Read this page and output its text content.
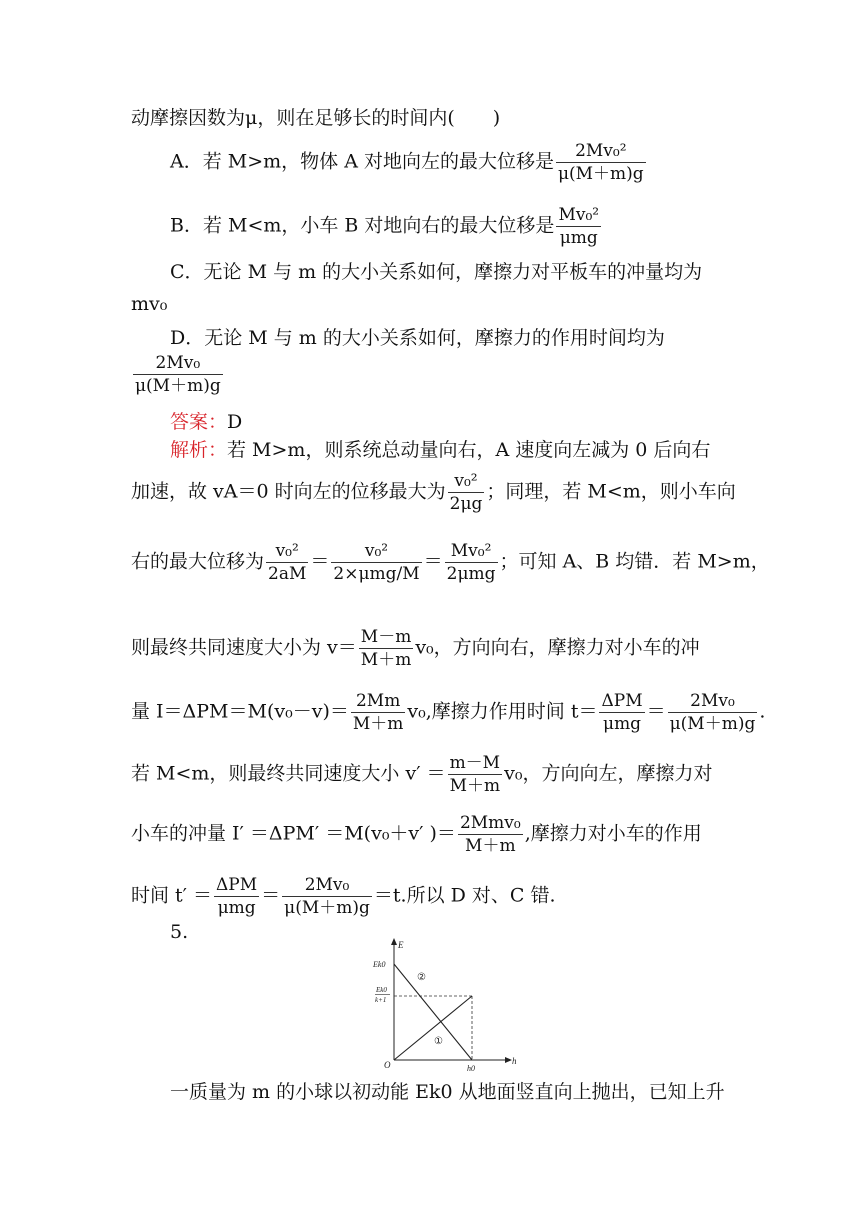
动摩擦因数为μ，则在足够长的时间内(　　)
A．若 M>m，物体 A 对地向左的最大位移是 $\frac{\text{2Mv₀²}}{\mu(M+m)g}$
B．若 M<m，小车 B 对地向右的最大位移是 $\frac{\text{Mv₀²}}{\text{μmg}}$
C．无论 M 与 m 的大小关系如何，摩擦力对平板车的冲量均为
mv₀
D．无论 M 与 m 的大小关系如何，摩擦力的作用时间均为
$\frac{\text{2Mv₀}}{\mu(M+m)g}$
答案：D
解析：若 M>m，则系统总动量向右，A 速度向左减为 0 后向右
加速，故 vA＝0 时向左的位移最大为 $\frac{\text{v₀²}}{2\mu g}$ ；同理，若 M<m，则小车向
右的最大位移为 $\frac{\text{v₀²}}{2aM} = \frac{\text{v₀²}}{\text{2×μmg/M}} = \frac{\text{Mv₀²}}{\text{2μmg}}$ ；可知 A、B 均错．若 M>m，
则最终共同速度大小为 $v= \frac{M-m}{M+m} v_0$，方向向右，摩擦力对小车的冲
量 $I=\Delta PM=M(v_0-v)= \frac{2Mm}{M+m} v_0$,摩擦力作用时间 $t= \frac{\text{ΔPM}}{\text{μmg}} = \frac{\text{2Mv₀}}{\mu(M+m)g}$ .
若 M<m，则最终共同速度大小 $v' = \frac{m-M}{M+m} v_0$，方向向左，摩擦力对
小车的冲量 I′ ＝ΔPM′ ＝M(v₀＋v′ )＝ $\frac{\text{2Mmv₀}}{M+m}$ ,摩擦力对小车的作用
时间 $t' = \frac{\text{ΔPM}}{\text{μmg}} = \frac{\text{2Mv₀}}{\mu(M+m)g} =t$.所以 D 对、C 错.
5.
E
h
O
Ek0
Ek0
k+1
h0
①
②
一质量为 m 的小球以初动能 Ek0 从地面竖直向上抛出，已知上升
